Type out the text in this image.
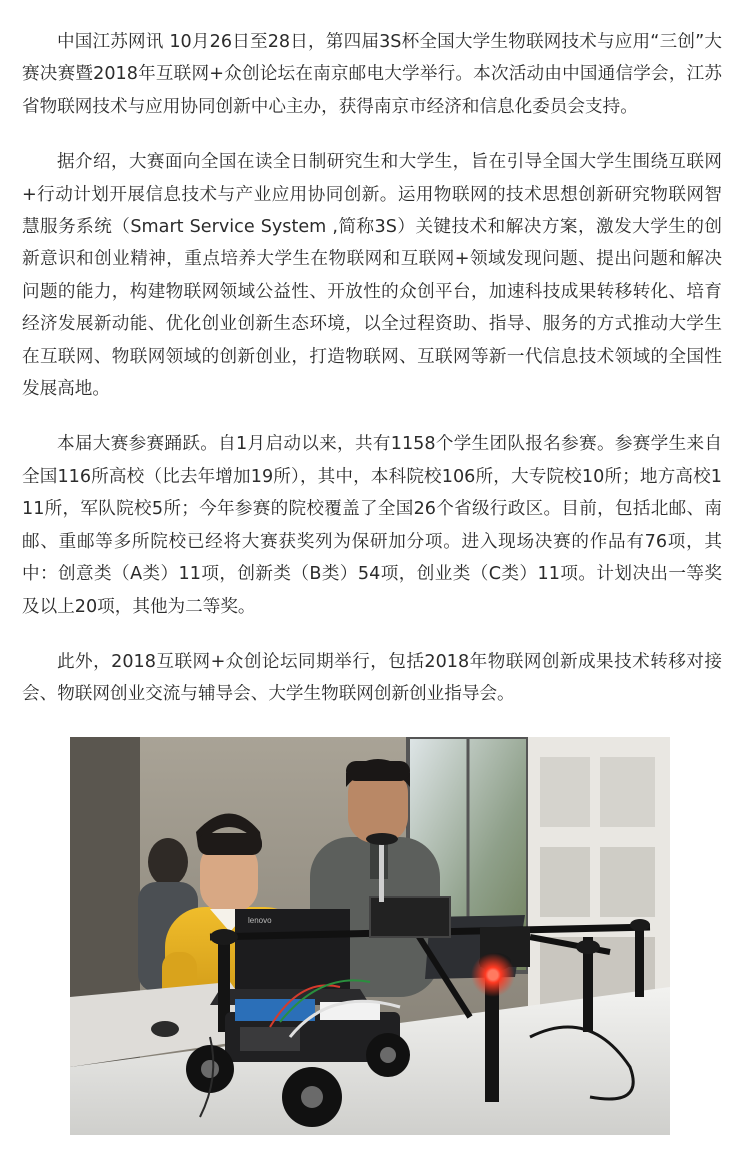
中国江苏网讯 10月26日至28日，第四届3S杯全国大学生物联网技术与应用“三创”大赛决赛暨2018年互联网+众创论坛在南京邮电大学举行。本次活动由中国通信学会，江苏省物联网技术与应用协同创新中心主办，获得南京市经济和信息化委员会支持。

据介绍，大赛面向全国在读全日制研究生和大学生，旨在引导全国大学生围绕互联网+行动计划开展信息技术与产业应用协同创新。运用物联网的技术思想创新研究物联网智慧服务系统（Smart Service System ,简称3S）关键技术和解决方案，激发大学生的创新意识和创业精神，重点培养大学生在物联网和互联网+领域发现问题、提出问题和解决问题的能力，构建物联网领域公益性、开放性的众创平台，加速科技成果转移转化、培育经济发展新动能、优化创业创新生态环境，以全过程资助、指导、服务的方式推动大学生在互联网、物联网领域的创新创业，打造物联网、互联网等新一代信息技术领域的全国性发展高地。

本届大赛参赛踊跃。自1月启动以来，共有1158个学生团队报名参赛。参赛学生来自全国116所高校（比去年增加19所），其中，本科院校106所，大专院校10所；地方高校111所，军队院校5所；今年参赛的院校覆盖了全国26个省级行政区。目前，包括北邮、南邮、重邮等多所院校已经将大赛获奖列为保研加分项。进入现场决赛的作品有76项，其中：创意类（A类）11项，创新类（B类）54项，创业类（C类）11项。计划决出一等奖及以上20项，其他为二等奖。

此外，2018互联网+众创论坛同期举行，包括2018年物联网创新成果技术转移对接会、物联网创业交流与辅导会、大学生物联网创新创业指导会。

lenovo
